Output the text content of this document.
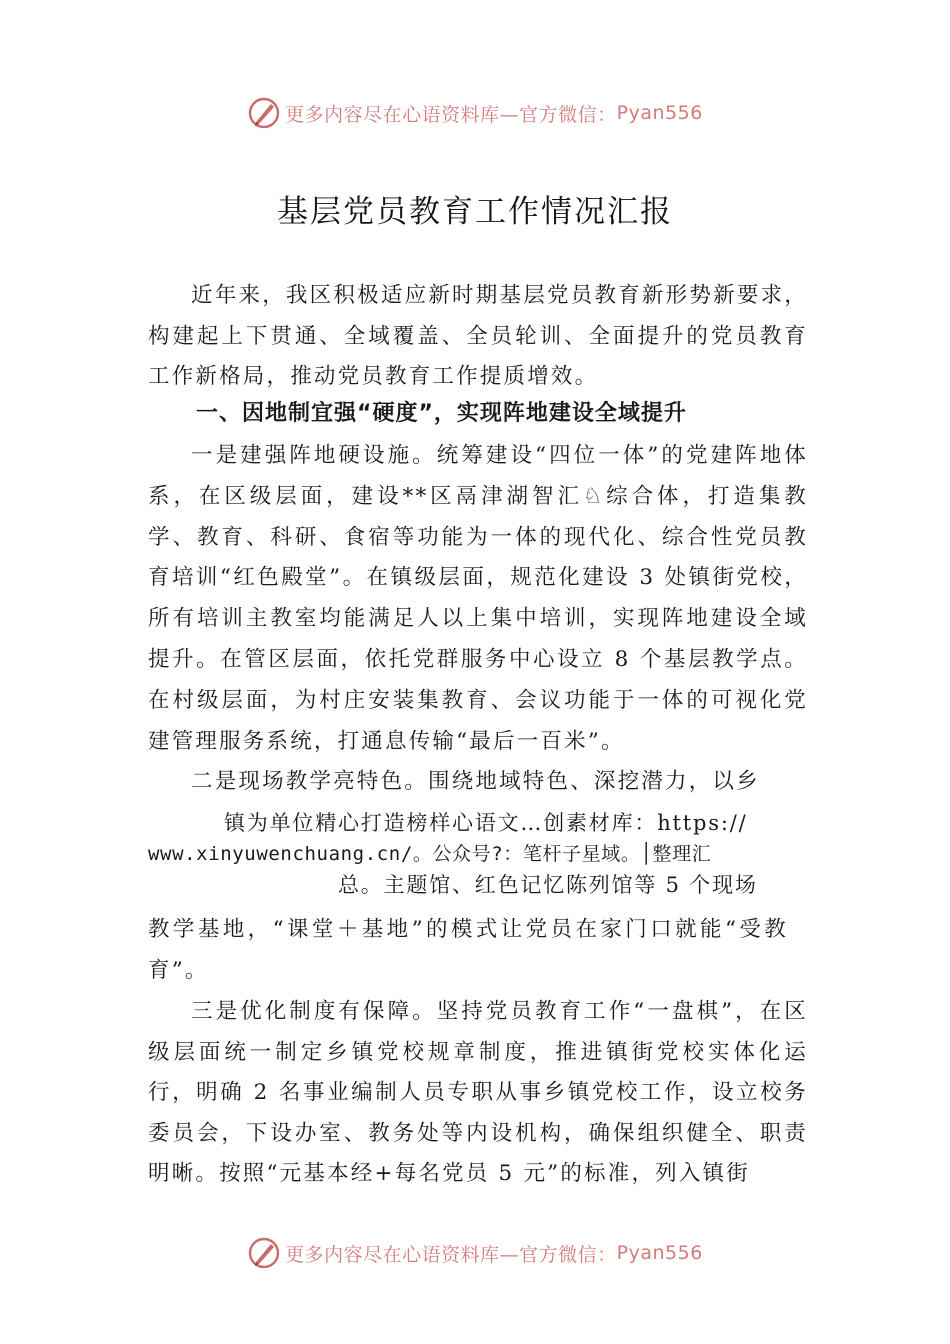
更多内容尽在心语资料库—官方微信： Pyan556
基层党员教育工作情况汇报

近年来，我区积极适应新时期基层党员教育新形势新要求，构建起上下贯通、全域覆盖、全员轮训、全面提升的党员教育工作新格局，推动党员教育工作提质增效。

一、因地制宜强“硬度”，实现阵地建设全域提升

一是建强阵地硬设施。统筹建设“四位一体”的党建阵地体系，在区级层面，建设**区鬲津湖智汇♘综合体，打造集教学、教育、科研、食宿等功能为一体的现代化、综合性党员教育培训“红色殿堂”。在镇级层面，规范化建设 3 处镇街党校，所有培训主教室均能满足人以上集中培训，实现阵地建设全域提升。在管区层面，依托党群服务中心设立 8 个基层教学点。在村级层面，为村庄安装集教育、会议功能于一体的可视化党建管理服务系统，打通息传输“最后一百米”。

二是现场教学亮特色。围绕地域特色、深挖潜力，以乡

镇为单位精心打造榜样心语文…创素材库：https://
www.xinyuwenchuang.cn/。公众号?：笔杆子星域。│整理汇
总。主题馆、红色记忆陈列馆等 5 个现场

教学基地，“课堂＋基地”的模式让党员在家门口就能“受教育”。

三是优化制度有保障。坚持党员教育工作“一盘棋”，在区级层面统一制定乡镇党校规章制度，推进镇街党校实体化运行，明确 2 名事业编制人员专职从事乡镇党校工作，设立校务委员会，下设办室、教务处等内设机构，确保组织健全、职责明晰。按照“元基本经+每名党员 5 元”的标准，列入镇街

更多内容尽在心语资料库—官方微信： Pyan556
